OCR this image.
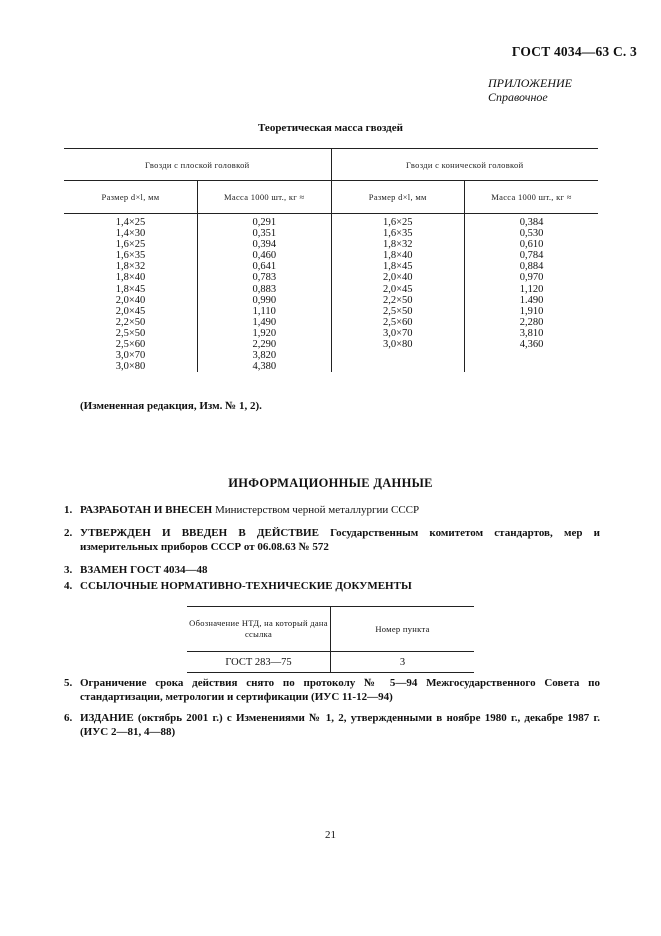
ГОСТ 4034—63 С. 3
ПРИЛОЖЕНИЕ
Справочное
Теоретическая масса гвоздей
Гвозди с плоской головкой		Гвозди с конической головкой	
Размер d×l, мм	Масса 1000 шт., кг ≈	Размер d×l, мм	Масса 1000 шт., кг ≈
1,4×25	0,291	1,6×25	0,384
1,4×30	0,351	1,6×35	0,530
1,6×25	0,394	1,8×32	0,610
1,6×35	0,460	1,8×40	0,784
1,8×32	0,641	1,8×45	0,884
1,8×40	0,783	2,0×40	0,970
1,8×45	0,883	2,0×45	1,120
2,0×40	0,990	2,2×50	1.490
2,0×45	1,110	2,5×50	1,910
2,2×50	1,490	2,5×60	2,280
2,5×50	1,920	3,0×70	3,810
2,5×60	2,290	3,0×80	4,360
3,0×70	3,820		
3,0×80	4,380		
(Измененная редакция, Изм. № 1, 2).
ИНФОРМАЦИОННЫЕ ДАННЫЕ
1. РАЗРАБОТАН И ВНЕСЕН Министерством черной металлургии СССР
2. УТВЕРЖДЕН И ВВЕДЕН В ДЕЙСТВИЕ Государственным комитетом стандартов, мер и измерительных приборов СССР от 06.08.63 № 572
3. ВЗАМЕН ГОСТ 4034—48
4. ССЫЛОЧНЫЕ НОРМАТИВНО-ТЕХНИЧЕСКИЕ ДОКУМЕНТЫ
Обозначение НТД, на который дана ссылка	Номер пункта
ГОСТ 283—75	3
5. Ограничение срока действия снято по протоколу № 5—94 Межгосударственного Совета по стандартизации, метрологии и сертификации (ИУС 11-12—94)
6. ИЗДАНИЕ (октябрь 2001 г.) с Изменениями № 1, 2, утвержденными в ноябре 1980 г., декабре 1987 г. (ИУС 2—81, 4—88)
21
